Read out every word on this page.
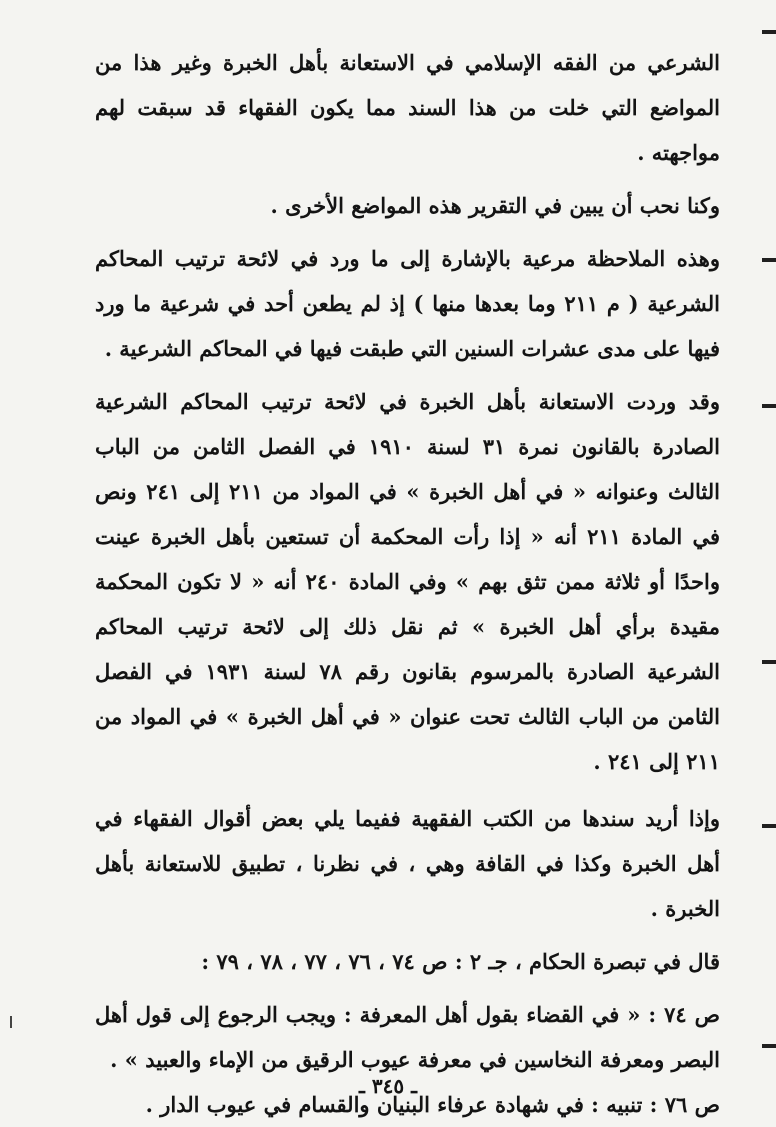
الشرعي من الفقه الإسلامي في الاستعانة بأهل الخبرة وغير هذا من المواضع التي خلت من هذا السند مما يكون الفقهاء قد سبقت لهم مواجهته .

وكنا نحب أن يبين في التقرير هذه المواضع الأخرى .

وهذه الملاحظة مرعية بالإشارة إلى ما ورد في لائحة ترتيب المحاكم الشرعية ( م ٢١١ وما بعدها منها ) إذ لم يطعن أحد في شرعية ما ورد فيها على مدى عشرات السنين التي طبقت فيها في المحاكم الشرعية .

وقد وردت الاستعانة بأهل الخبرة في لائحة ترتيب المحاكم الشرعية الصادرة بالقانون نمرة ٣١ لسنة ١٩١٠ في الفصل الثامن من الباب الثالث وعنوانه « في أهل الخبرة » في المواد من ٢١١ إلى ٢٤١ ونص في المادة ٢١١ أنه « إذا رأت المحكمة أن تستعين بأهل الخبرة عينت واحدًا أو ثلاثة ممن تثق بهم » وفي المادة ٢٤٠ أنه « لا تكون المحكمة مقيدة برأي أهل الخبرة » ثم نقل ذلك إلى لائحة ترتيب المحاكم الشرعية الصادرة بالمرسوم بقانون رقم ٧٨ لسنة ١٩٣١ في الفصل الثامن من الباب الثالث تحت عنوان « في أهل الخبرة » في المواد من ٢١١ إلى ٢٤١ .

وإذا أريد سندها من الكتب الفقهية ففيما يلي بعض أقوال الفقهاء في أهل الخبرة وكذا في القافة وهي ، في نظرنا ، تطبيق للاستعانة بأهل الخبرة .

قال في تبصرة الحكام ، جـ ٢ : ص ٧٤ ، ٧٦ ، ٧٧ ، ٧٨ ، ٧٩ :

ص ٧٤ : « في القضاء بقول أهل المعرفة : ويجب الرجوع إلى قول أهل البصر ومعرفة النخاسين في معرفة عيوب الرقيق من الإماء والعبيد » .

ص ٧٦ : تنبيه : في شهادة عرفاء البنيان والقسام في عيوب الدار .

ـ ٣٤٥ ـ
